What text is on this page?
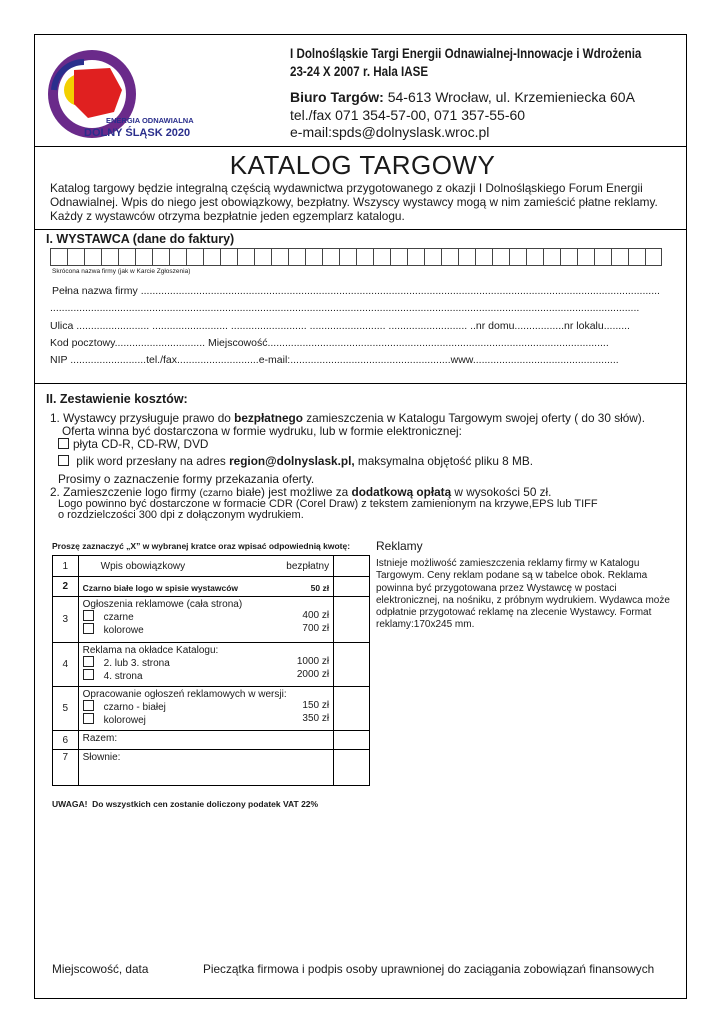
ENERGIA ODNAWIALNA
DOLNY ŚLĄSK 2020
I Dolnośląskie Targi Energii Odnawialnej-Innowacje i Wdrożenia
23-24 X 2007 r. Hala IASE
Biuro Targów: 54-613 Wrocław, ul. Krzemieniecka 60A
tel./fax 071 354-57-00, 071 357-55-60
e-mail:spds@dolnyslask.wroc.pl
KATALOG TARGOWY
Katalog targowy będzie integralną częścią wydawnictwa przygotowanego z okazji I Dolnośląskiego Forum Energii Odnawialnej. Wpis do niego jest obowiązkowy, bezpłatny. Wszyscy wystawcy mogą w nim zamieścić płatne reklamy. Każdy z wystawców otrzyma bezpłatnie jeden egzemplarz katalogu.
I. WYSTAWCA (dane do faktury)
Skrócona nazwa firmy (jak w Karcie Zgłoszenia)
Pełna nazwa firmy ..................................................................................................................................................................................
..........................................................................................................................................................................................................
Ulica ......................... .......................... .......................... .......................... ........................... ..nr domu.................nr lokalu.........
Kod pocztowy............................... Miejscowość.....................................................................................................................
NIP ..........................tel./fax............................e-mail:.......................................................www..................................................
II. Zestawienie kosztów:
1. Wystawcy przysługuje prawo do bezpłatnego zamieszczenia w Katalogu Targowym swojej oferty ( do 30 słów).
Oferta winna być dostarczona w formie wydruku, lub w formie elektronicznej:
płyta CD-R, CD-RW, DVD
plik word przesłany na adres region@dolnyslask.pl, maksymalna objętość pliku 8 MB.
Prosimy o zaznaczenie formy przekazania oferty.
2. Zamieszczenie logo firmy (czarno białe) jest możliwe za dodatkową opłatą w wysokości 50 zł.
Logo powinno być dostarczone w formacie CDR (Corel Draw) z tekstem zamienionym na krzywe,EPS lub TIFF
o rozdzielczości 300 dpi z dołączonym wydrukiem.
Proszę zaznaczyć „X” w wybranej kratce oraz wpisać odpowiednią kwotę:
1	Wpis obowiązkowy bezpłatny	

2	Czarno białe logo w spisie wystawców 50 zł	

3	Ogłoszenia reklamowe (cała strona)
czarne 400 zł
kolorowe 700 zł	

4	Reklama na okładce Katalogu:
2. lub 3. strona 1000 zł
4. strona 2000 zł	

5	Opracowanie ogłoszeń reklamowych w wersji:
czarno - białej 150 zł
kolorowej 350 zł	

6	Razem:	
7	Słownie:	
UWAGA! Do wszystkich cen zostanie doliczony podatek VAT 22%
Reklamy
Istnieje możliwość zamieszczenia reklamy firmy w Katalogu Targowym. Ceny reklam podane są w tabelce obok. Reklama powinna być przygotowana przez Wystawcę w postaci elektronicznej, na nośniku, z próbnym wydrukiem. Wydawca może odpłatnie przygotować reklamę na zlecenie Wystawcy. Format reklamy:170x245 mm.
Miejscowość, data	Pieczątka firmowa i podpis osoby uprawnionej do zaciągania zobowiązań finansowych
